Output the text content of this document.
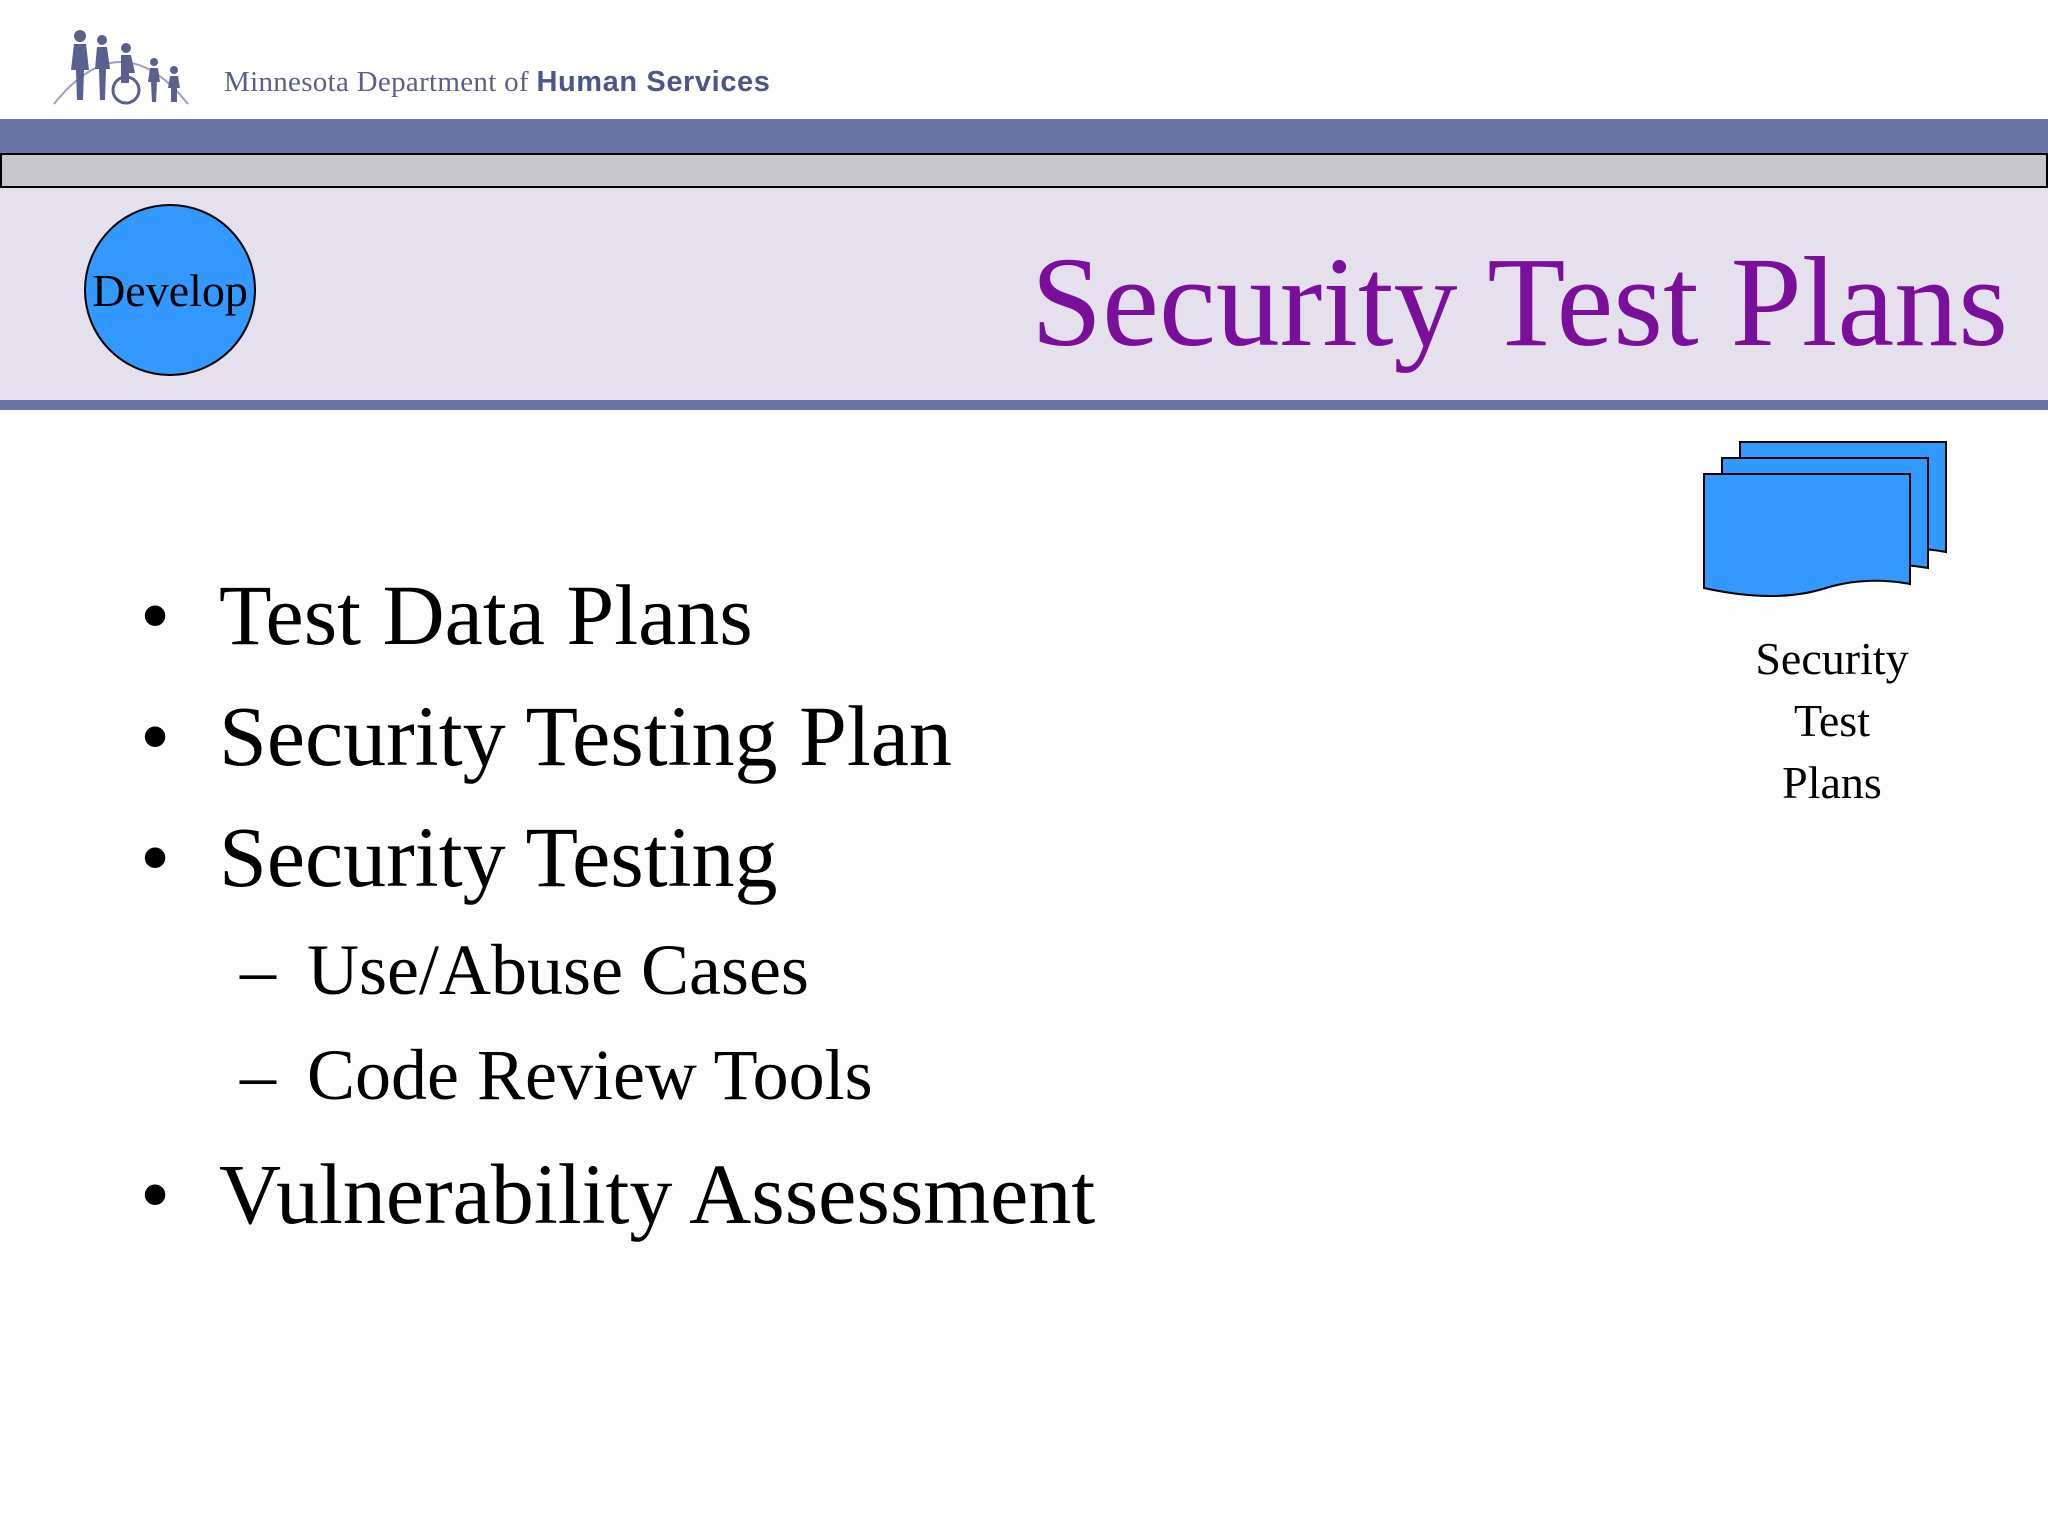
Minnesota Department of Human Services
Develop	Security Test Plans
• Test Data Plans
• Security Testing Plan
• Security Testing
– Use/Abuse Cases
– Code Review Tools
• Vulnerability Assessment
Security
Test
Plans
